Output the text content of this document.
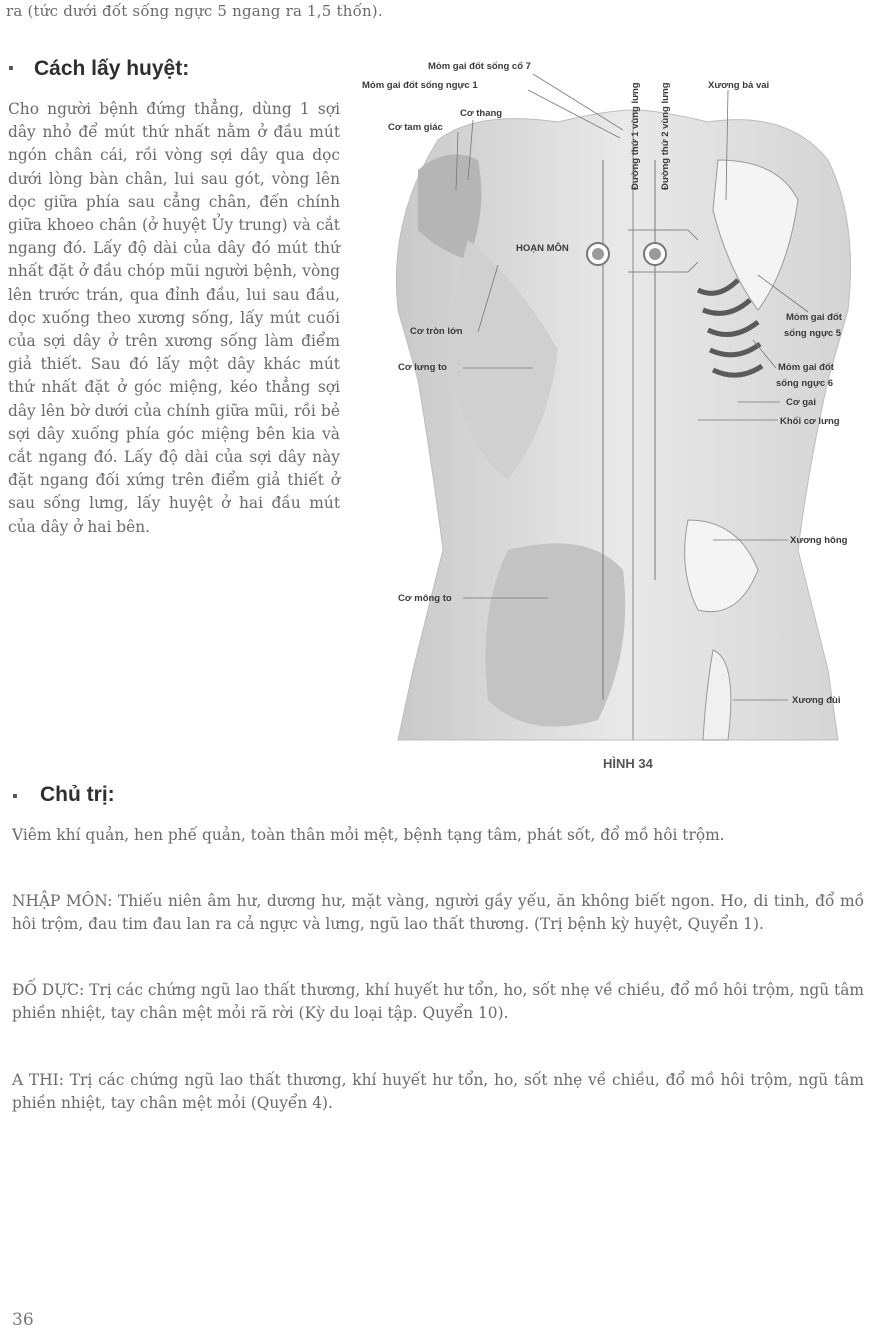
ra (tức dưới đốt sống ngực 5 ngang ra 1,5 thốn).
▪ Cách lấy huyệt:

Cho người bệnh đứng thẳng, dùng 1 sợi dây nhỏ để mút thứ nhất nằm ở đầu mút ngón chân cái, rồi vòng sợi dây qua dọc dưới lòng bàn chân, lui sau gót, vòng lên dọc giữa phía sau cẳng chân, đến chính giữa khoeo chân (ở huyệt Ủy trung) và cắt ngang đó. Lấy độ dài của dây đó mút thứ nhất đặt ở đầu chóp mũi người bệnh, vòng lên trước trán, qua đỉnh đầu, lui sau đầu, dọc xuống theo xương sống, lấy mút cuối của sợi dây ở trên xương sống làm điểm giả thiết. Sau đó lấy một dây khác mút thứ nhất đặt ở góc miệng, kéo thẳng sợi dây lên bờ dưới của chính giữa mũi, rồi bẻ sợi dây xuống phía góc miệng bên kia và cắt ngang đó. Lấy độ dài của sợi dây này đặt ngang đối xứng trên điểm giả thiết ở sau sống lưng, lấy huyệt ở hai đầu mút của dây ở hai bên.

Mỏm gai đốt sống cổ 7
Mỏm gai đốt sống ngực 1
Cơ thang
Cơ tam giác	Đường thứ 1 vùng lưng Đường thứ 2 vùng lưng	Xương bả vai
HOẠN MÔN
Cơ tròn lớn
Cơ lưng to
Mỏm gai đốt
sống ngực 5
Mỏm gai đốt
sống ngực 6
Cơ gai
Khối cơ lưng
Xương hông
Cơ mông to
Xương đùi
HÌNH 34
▪ Chủ trị:

Viêm khí quản, hen phế quản, toàn thân mỏi mệt, bệnh tạng tâm, phát sốt, đổ mồ hôi trộm.

NHẬP MÔN: Thiếu niên âm hư, dương hư, mặt vàng, người gầy yếu, ăn không biết ngon. Ho, di tinh, đổ mồ hôi trộm, đau tim đau lan ra cả ngực và lưng, ngũ lao thất thương. (Trị bệnh kỳ huyệt, Quyển 1).

ĐỐ DỰC: Trị các chứng ngũ lao thất thương, khí huyết hư tổn, ho, sốt nhẹ về chiều, đổ mồ hôi trộm, ngũ tâm phiền nhiệt, tay chân mệt mỏi rã rời (Kỳ du loại tập. Quyển 10).

A THI: Trị các chứng ngũ lao thất thương, khí huyết hư tổn, ho, sốt nhẹ về chiều, đổ mồ hôi trộm, ngũ tâm phiền nhiệt, tay chân mệt mỏi (Quyển 4).

36
